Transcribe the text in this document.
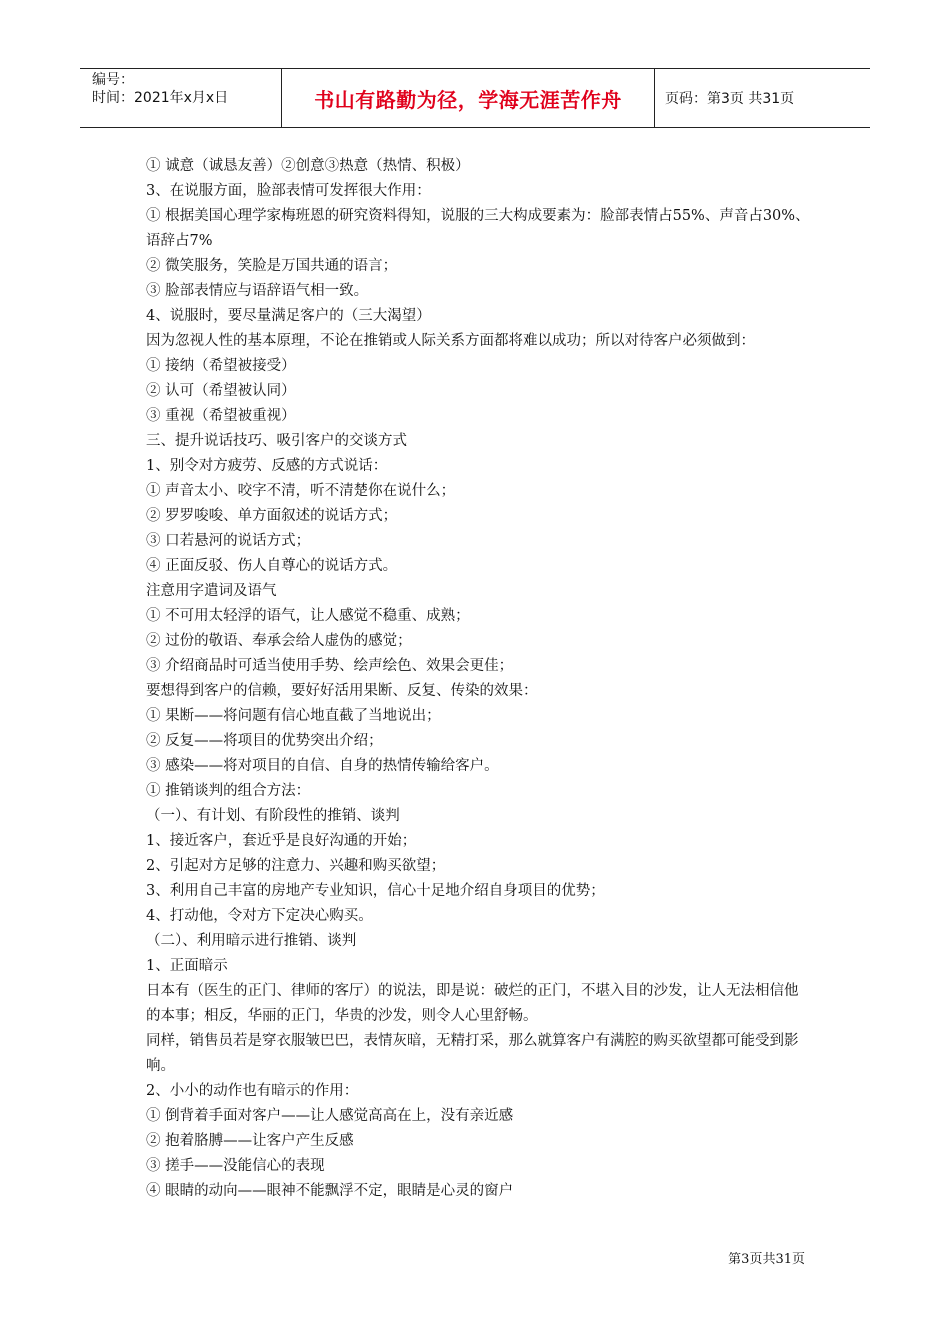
编号：
时间：2021年x月x日	书山有路勤为径，学海无涯苦作舟	页码：第3页 共31页

① 诚意（诚恳友善）②创意③热意（热情、积极）

3、在说服方面，脸部表情可发挥很大作用：

① 根据美国心理学家梅班恩的研究资料得知，说服的三大构成要素为：脸部表情占55%、声音占30%、语辞占7%

② 微笑服务，笑脸是万国共通的语言；

③ 脸部表情应与语辞语气相一致。

4、说服时，要尽量满足客户的（三大渴望）

因为忽视人性的基本原理，不论在推销或人际关系方面都将难以成功；所以对待客户必须做到：

① 接纳（希望被接受）

② 认可（希望被认同）

③ 重视（希望被重视）

三、提升说话技巧、吸引客户的交谈方式

1、别令对方疲劳、反感的方式说话：

① 声音太小、咬字不清，听不清楚你在说什么；

② 罗罗唆唆、单方面叙述的说话方式；

③ 口若悬河的说话方式；

④ 正面反驳、伤人自尊心的说话方式。

注意用字遣词及语气

① 不可用太轻浮的语气，让人感觉不稳重、成熟；

② 过份的敬语、奉承会给人虚伪的感觉；

③ 介绍商品时可适当使用手势、绘声绘色、效果会更佳；

要想得到客户的信赖，要好好活用果断、反复、传染的效果：

① 果断——将问题有信心地直截了当地说出；

② 反复——将项目的优势突出介绍；

③ 感染——将对项目的自信、自身的热情传输给客户。

① 推销谈判的组合方法：

（一）、有计划、有阶段性的推销、谈判

1、接近客户，套近乎是良好沟通的开始；

2、引起对方足够的注意力、兴趣和购买欲望；

3、利用自己丰富的房地产专业知识，信心十足地介绍自身项目的优势；

4、打动他，令对方下定决心购买。

（二）、利用暗示进行推销、谈判

1、正面暗示

日本有（医生的正门、律师的客厅）的说法，即是说：破烂的正门，不堪入目的沙发，让人无法相信他的本事；相反，华丽的正门，华贵的沙发，则令人心里舒畅。

同样，销售员若是穿衣服皱巴巴，表情灰暗，无精打采，那么就算客户有满腔的购买欲望都可能受到影响。

2、小小的动作也有暗示的作用：

① 倒背着手面对客户——让人感觉高高在上，没有亲近感

② 抱着胳膊——让客户产生反感

③ 搓手——没能信心的表现

④ 眼睛的动向——眼神不能飘浮不定，眼睛是心灵的窗户

第3页共31页
